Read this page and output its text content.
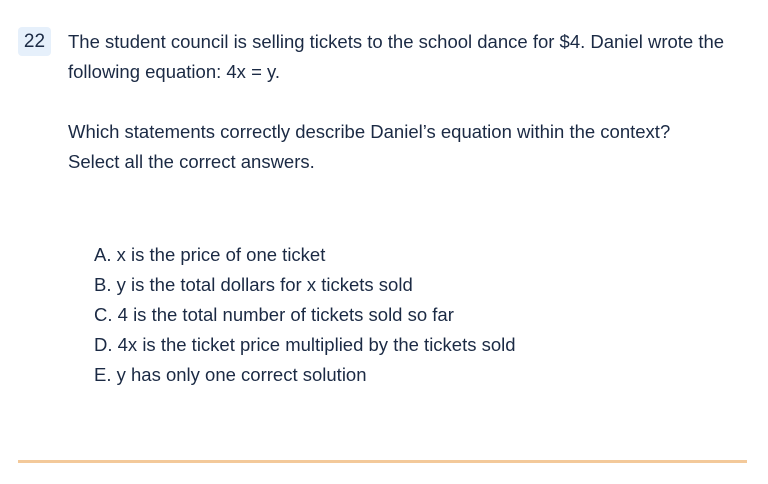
22	The student council is selling tickets to the school dance for $4. Daniel wrote the following equation: 4x = y.

Which statements correctly describe Daniel’s equation within the context?

Select all the correct answers.

A. x is the price of one ticket
B. y is the total dollars for x tickets sold
C. 4 is the total number of tickets sold so far
D. 4x is the ticket price multiplied by the tickets sold
E. y has only one correct solution
